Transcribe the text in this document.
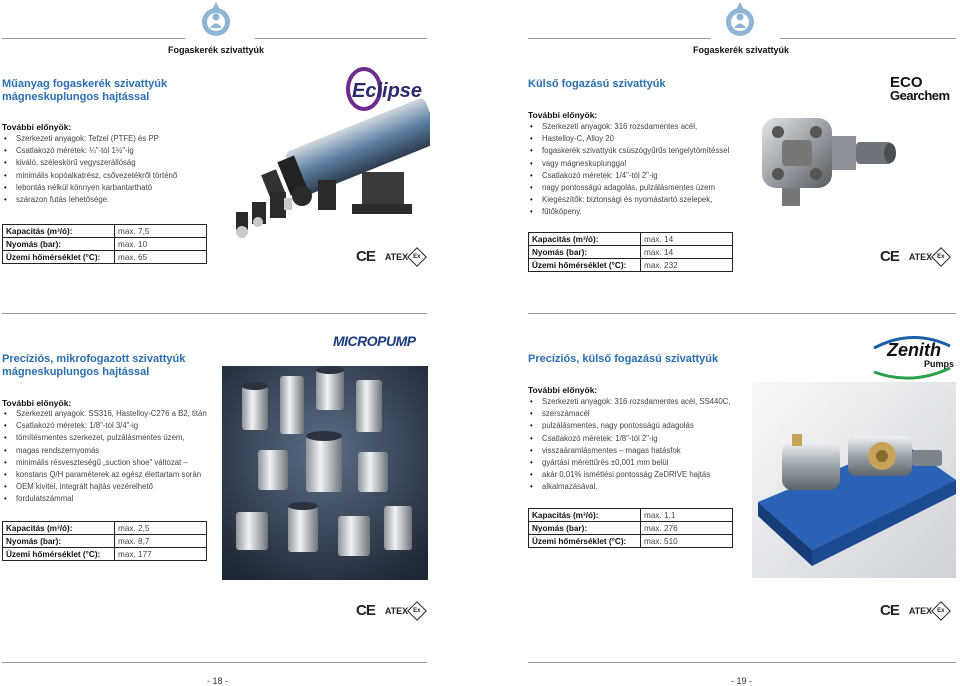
Fogaskerék szivattyúk
Műanyag fogaskerék szivattyúk
mágneskuplungos hajtással
További előnyök:
• Szerkezeti anyagok: Tefzel (PTFE) és PP
• Csatlakozó méretek: ¼"-tól 1½"-ig
• kiváló, széleskörű vegyszerállóság
• minimális kopóalkatrész, csővezetékről történő
• lebontás nélkül könnyen karbantartható
• szárazon futás lehetősége.
Kapacitás (m³/ó):	max. 7,5
Nyomás (bar):	max. 10
Üzemi hőmérséklet (°C):	max. 65
Eclipse
CE ATEX Ex
MICROPUMP
Precíziós, mikrofogazott szivattyúk
mágneskuplungos hajtással
További előnyök:
• Szerkezeti anyagok: SS316, Hastelloy-C276 a B2, titán
• Csatlakozó méretek: 1/8"-tól 3/4"-ig
• tömítésmentes szerkezet, pulzálásmentes üzem,
• magas rendszernyomás
• minimális résveszteségű „suction shoe" változat –
• konstans Q/H paraméterek az egész élettartam során
• OEM kivitel, integrált hajtás vezérelhető
• fordulatszámmal
Kapacitás (m³/ó):	max. 2,5
Nyomás (bar):	max. 8,7
Üzemi hőmérséklet (°C):	max. 177
CE ATEX Ex
- 18 -
Fogaskerék szivattyúk
Külső fogazású szivattyúk	ECO
Gearchem
További előnyök:
• Szerkezeti anyagok: 316 rozsdamentes acél,
• Hastelloy-C, Alloy 20
• fogaskerék szivattyúk csúszógyűrűs tengelytömítéssel
• vagy mágneskuplunggal
• Csatlakozó méretek: 1/4"-tól 2"-ig
• nagy pontosságú adagolás, pulzálásmentes üzem
• Kiegészítők: biztonsági és nyomástartó szelepek,
• fűtőköpeny.
Kapacitás (m³/ó):	max. 14
Nyomás (bar):	max. 14
Üzemi hőmérséklet (°C):	max. 232	CE ATEX Ex
Precíziós, külső fogazású szivattyúk	Zenith
Pumps
További előnyök:
• Szerkezeti anyagok: 316 rozsdamentes acél, SS440C,
• szerszámacél
• pulzálásmentes, nagy pontosságú adagolás
• Csatlakozó méretek: 1/8"-tól 2"-ig
• visszaáramlásmentes – magas hatásfok
• gyártási mérettűrés ±0,001 mm belül
• akár 0,01% ismétlési pontosság ZeDRIVE hajtás
• alkalmazásával.
Kapacitás (m³/ó):	max. 1,1
Nyomás (bar):	max. 276
Üzemi hőmérséklet (°C):	max. 510
CE ATEX Ex
- 19 -
